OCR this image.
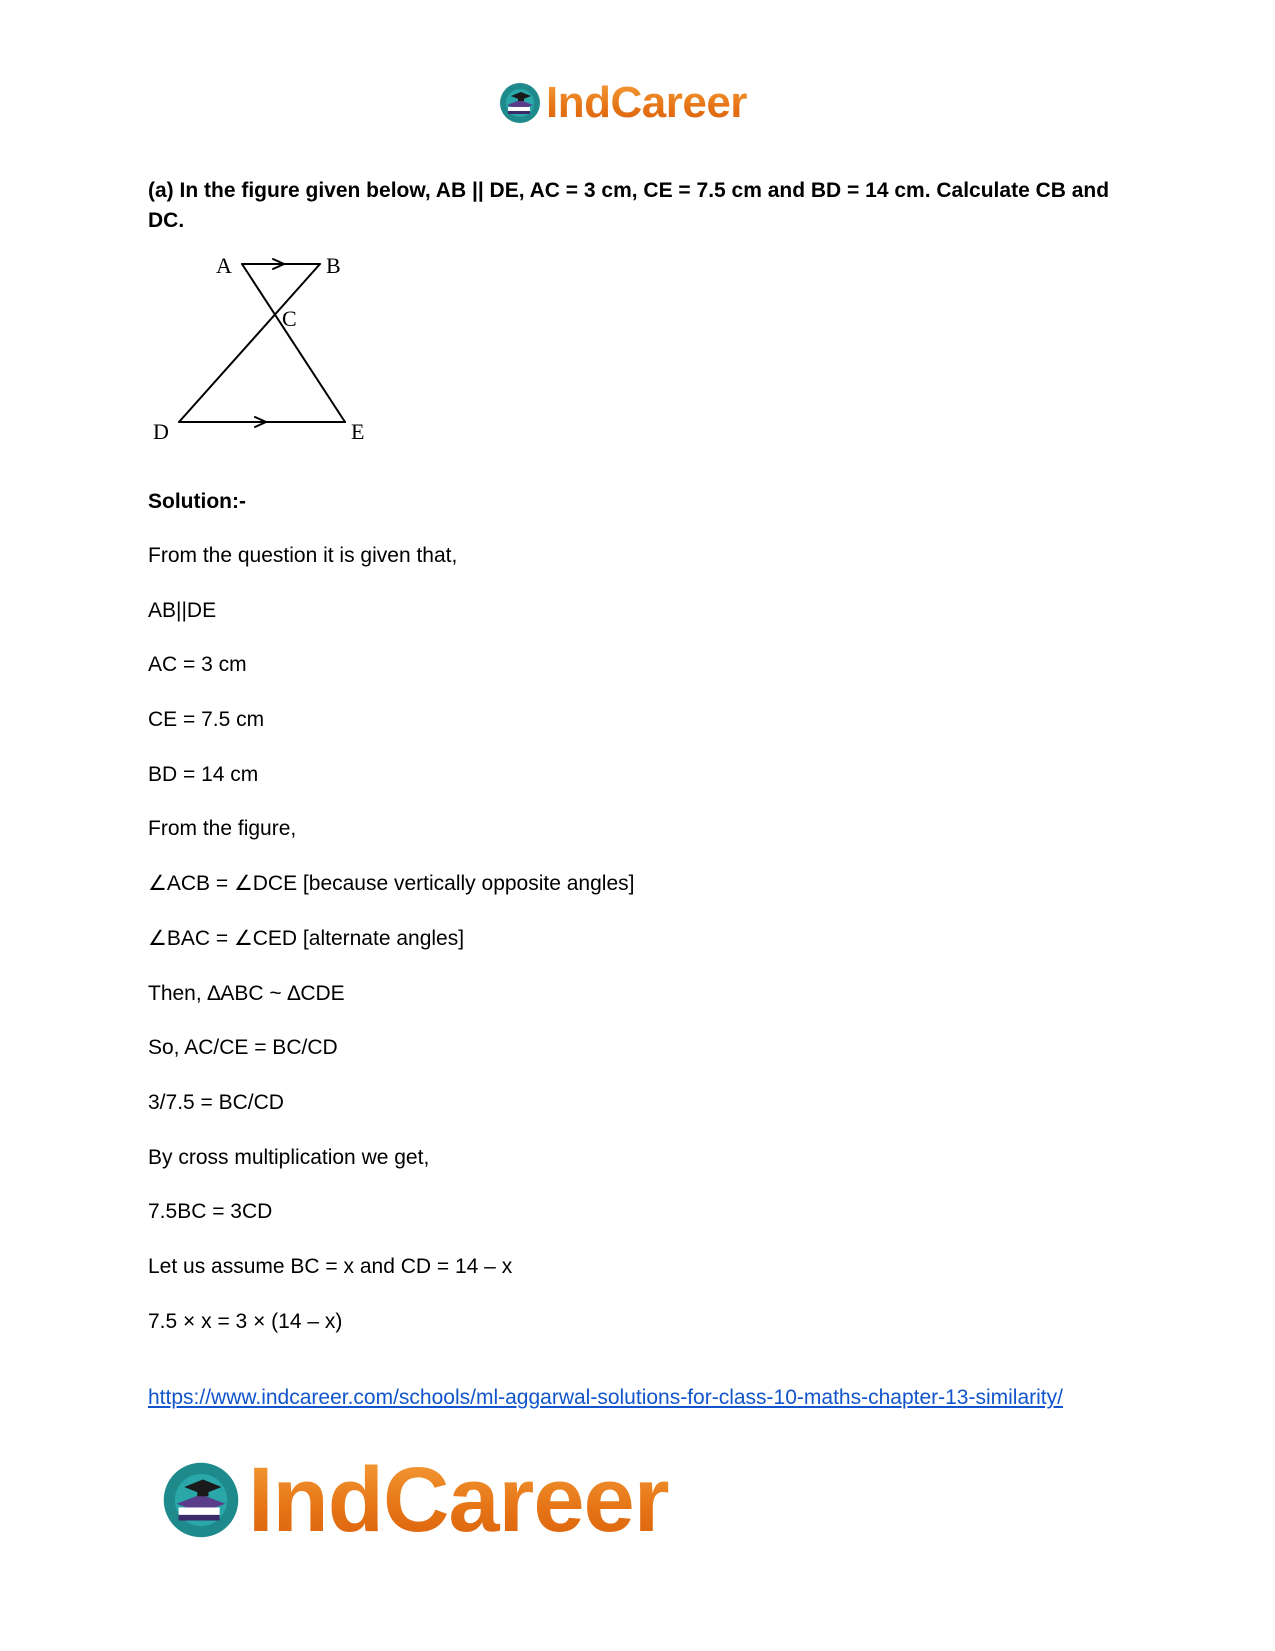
IndCareer
(a) In the figure given below, AB || DE, AC = 3 cm, CE = 7.5 cm and BD = 14 cm. Calculate CB and DC.
A	B
C
D	E
Solution:-
From the question it is given that,
AB||DE
AC = 3 cm
CE = 7.5 cm
BD = 14 cm
From the figure,
∠ACB = ∠DCE [because vertically opposite angles]
∠BAC = ∠CED [alternate angles]
Then, ∆ABC ~ ∆CDE
So, AC/CE = BC/CD
3/7.5 = BC/CD
By cross multiplication we get,
7.5BC = 3CD
Let us assume BC = x and CD = 14 – x
7.5 × x = 3 × (14 – x)
https://www.indcareer.com/schools/ml-aggarwal-solutions-for-class-10-maths-chapter-13-similarity/
IndCareer
